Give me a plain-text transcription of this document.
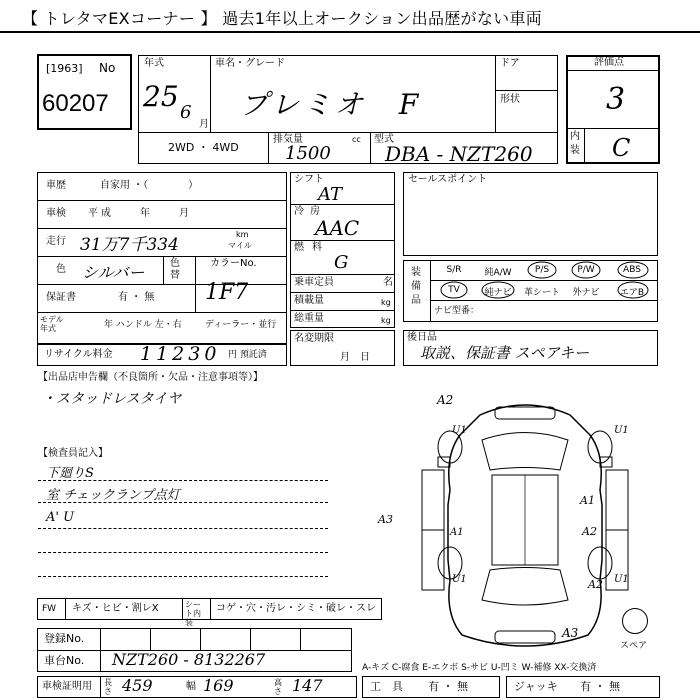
【 トレタマEXコーナー 】 過去1年以上オークション出品歴がない車両
[1963] No
60207
年式
25 6
月
車名・グレード
プレミオ　F
ドア
形状
2WD ・ 4WD
排気量	cc
1500
型式
DBA - NZT260
評価点
3
内装 C
車歴	自家用 ・（　　　　）
車検 平成　　年　　月
走行 31万7千334
km
マイル
色 シルバー	色替
カラーNo.
1F7
保証書	有 ・ 無
モデル年式	年 ハンドル 左・右	ディーラー・並行
リサイクル料金 11230 円 預託済
シフト
AT
冷房
AAC
燃料
G
乗車定員	名
積載量	kg
総重量	kg
名変期限
月　日
セールスポイント
装備品
S/R	純A/W	P/S	P/W	ABS
TV	純ナビ	革シート	外ナビ	エアB
ナビ型番：
後日品
取説、保証書 スペアキー
【出品店申告欄（不良箇所・欠品・注意事項等）】
・スタッドレスタイヤ
【検査員記入】
下廻りS
室 チェックランプ点灯
A' U
A2
U1	U1
A1
A2
A1
A3
U1	U1
A2
A3
スペア
FW キズ・ヒビ・割レX	シート内装
コゲ・穴・汚レ・シミ・破レ・スレ
登録No.
車台No. NZT260 - 8132267	A-キズ C-腐食 E-エクボ S-サビ U-凹ミ W-補修 XX-交換済
車検証明用 長さ 459	幅 169	高さ 147	工　具 有 ・ 無	ジャッキ 有 ・ 無
